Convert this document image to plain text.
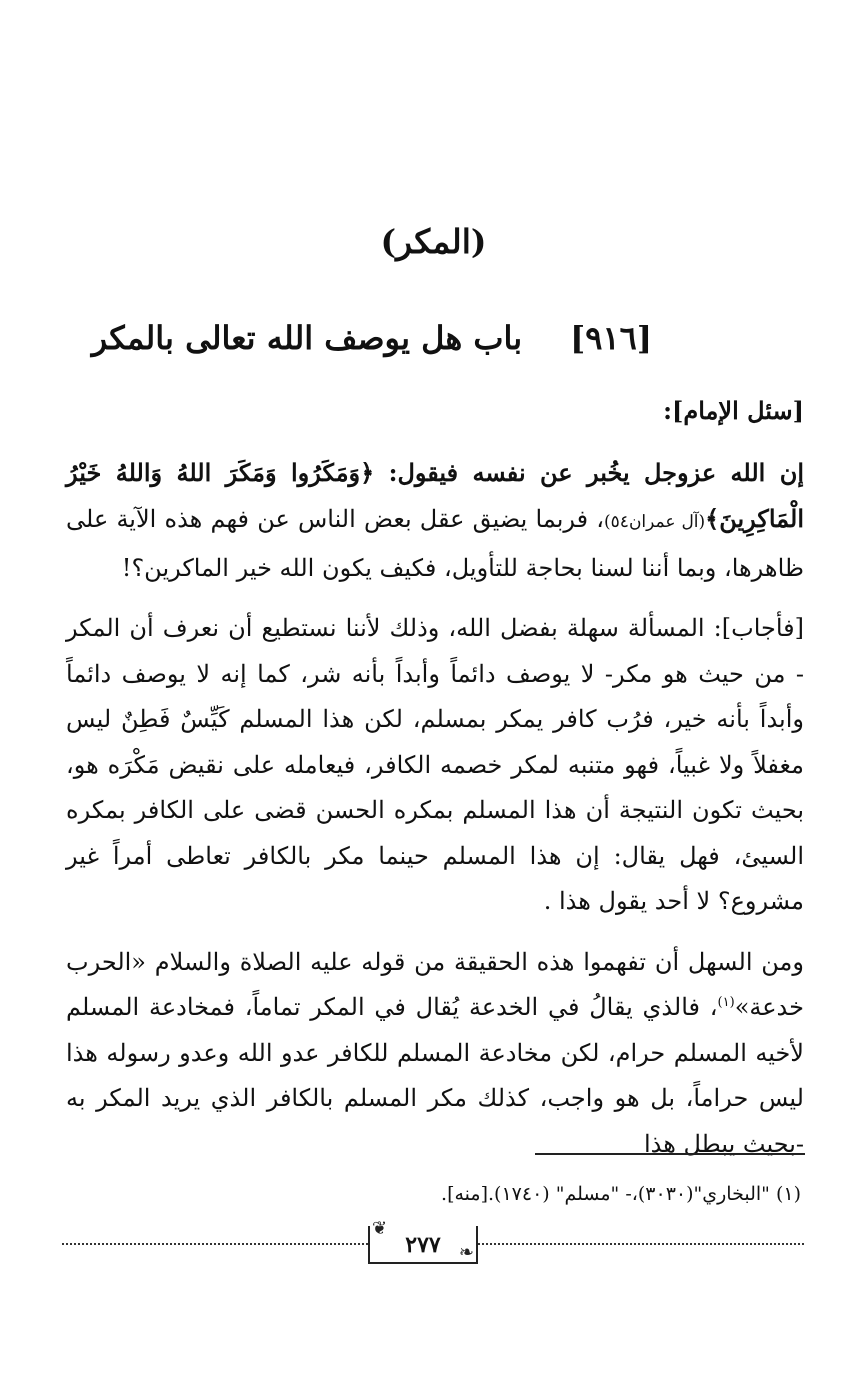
(المكر)
[٩١٦]باب هل يوصف الله تعالى بالمكر

[سئل الإمام]:

إن الله عزوجل يخُبر عن نفسه فيقول: ﴿وَمَكَرُوا وَمَكَرَ اللهُ وَاللهُ خَيْرُ الْمَاكِرِينَ﴾(آل عمران٥٤)، فربما يضيق عقل بعض الناس عن فهم هذه الآية على ظاهرها، وبما أننا لسنا بحاجة للتأويل، فكيف يكون الله خير الماكرين؟!

[فأجاب]: المسألة سهلة بفضل الله، وذلك لأننا نستطيع أن نعرف أن المكر - من حيث هو مكر- لا يوصف دائماً وأبداً بأنه شر، كما إنه لا يوصف دائماً وأبداً بأنه خير، فرُب كافر يمكر بمسلم، لكن هذا المسلم كَيِّسٌ فَطِنٌ ليس مغفلاً ولا غبياً، فهو متنبه لمكر خصمه الكافر، فيعامله على نقيض مَكْرَه هو، بحيث تكون النتيجة أن هذا المسلم بمكره الحسن قضى على الكافر بمكره السيئ، فهل يقال: إن هذا المسلم حينما مكر بالكافر تعاطى أمراً غير مشروع؟ لا أحد يقول هذا .

ومن السهل أن تفهموا هذه الحقيقة من قوله عليه الصلاة والسلام «الحرب خدعة»$^{(١)}$، فالذي يقالُ في الخدعة يُقال في المكر تماماً، فمخادعة المسلم لأخيه المسلم حرام، لكن مخادعة المسلم للكافر عدو الله وعدو رسوله هذا ليس حراماً، بل هو واجب، كذلك مكر المسلم بالكافر الذي يريد المكر به -بحيث يبطل هذا

(١) "البخاري"(٣٠٣٠)،- "مسلم" (١٧٤٠).[منه].
❦
❧
٢٧٧
